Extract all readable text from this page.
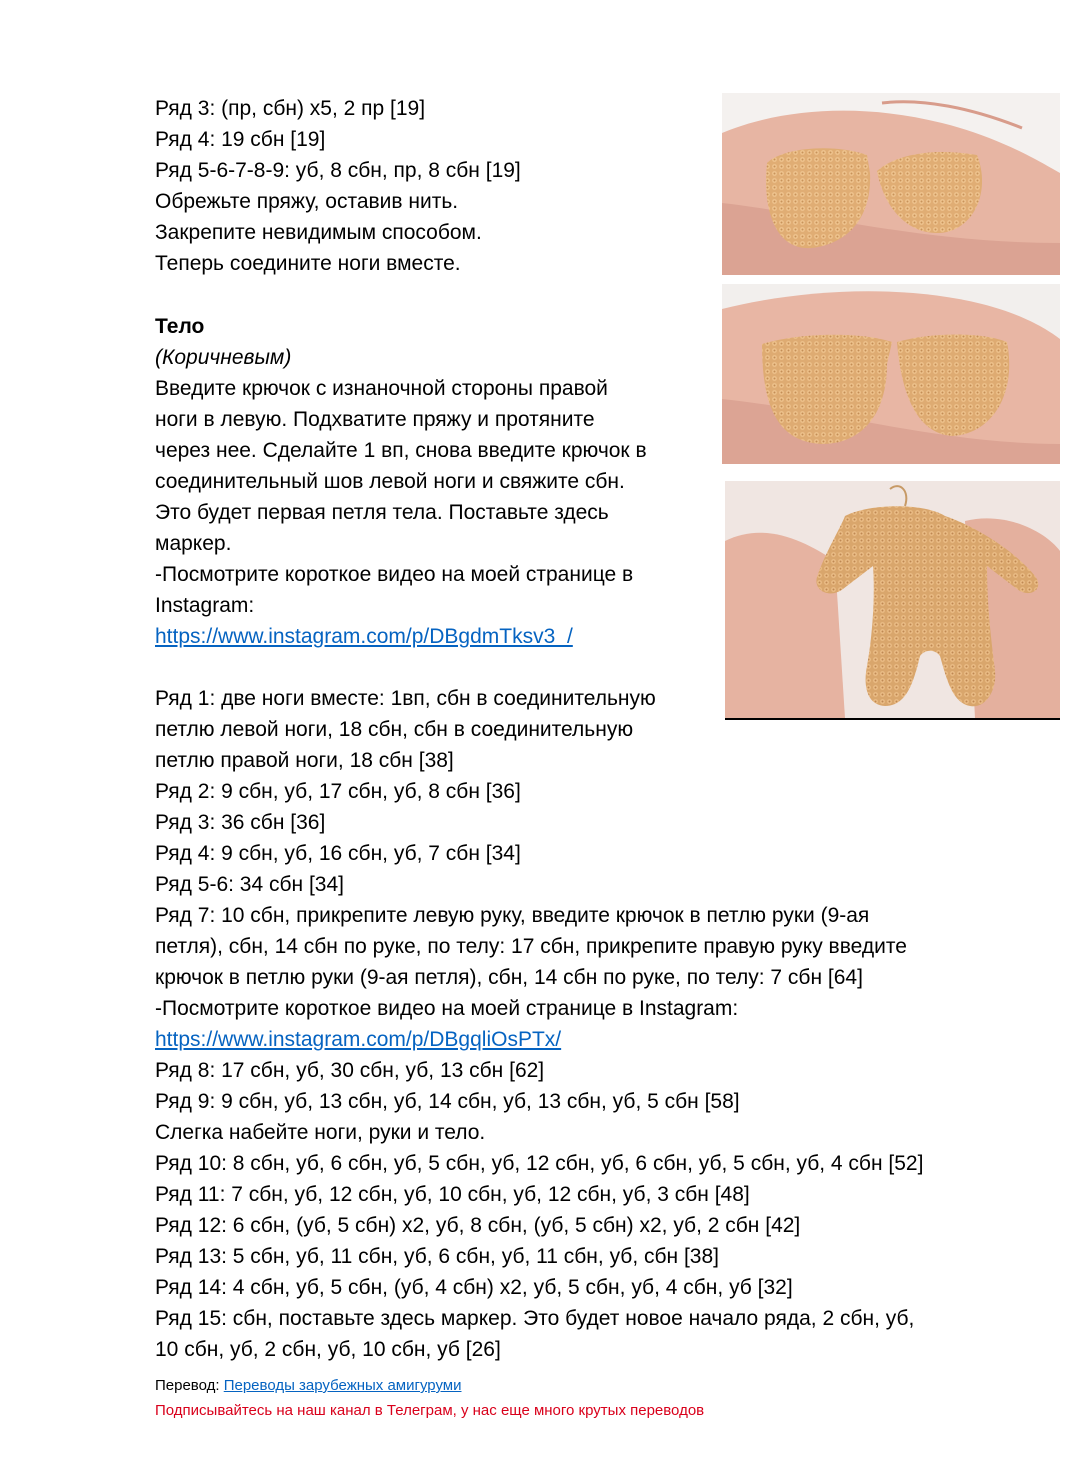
Ряд 3: (пр, сбн) х5, 2 пр [19]
Ряд 4: 19 сбн [19]
Ряд 5-6-7-8-9: уб, 8 сбн, пр, 8 сбн [19]
Обрежьте пряжу, оставив нить.
Закрепите невидимым способом.
Теперь соедините ноги вместе.
Тело
(Коричневым)
Введите крючок с изнаночной стороны правой
ноги в левую. Подхватите пряжу и протяните
через нее. Сделайте 1 вп, снова введите крючок в
соединительный шов левой ноги и свяжите сбн.
Это будет первая петля тела. Поставьте здесь
маркер.
-Посмотрите короткое видео на моей странице в
Instagram:
https://www.instagram.com/p/DBgdmTksv3_/
Ряд 1: две ноги вместе: 1вп, сбн в соединительную
петлю левой ноги, 18 сбн, сбн в соединительную
петлю правой ноги, 18 сбн [38]
Ряд 2: 9 сбн, уб, 17 сбн, уб, 8 сбн [36]
Ряд 3: 36 сбн [36]
Ряд 4: 9 сбн, уб, 16 сбн, уб, 7 сбн [34]
Ряд 5-6: 34 сбн [34]
Ряд 7: 10 сбн, прикрепите левую руку, введите крючок в петлю руки (9-ая
петля), сбн, 14 сбн по руке, по телу: 17 сбн, прикрепите правую руку введите
крючок в петлю руки (9-ая петля), сбн, 14 сбн по руке, по телу: 7 сбн [64]
-Посмотрите короткое видео на моей странице в Instagram:
https://www.instagram.com/p/DBgqliOsPTx/
Ряд 8: 17 сбн, уб, 30 сбн, уб, 13 сбн [62]
Ряд 9: 9 сбн, уб, 13 сбн, уб, 14 сбн, уб, 13 сбн, уб, 5 сбн [58]
Слегка набейте ноги, руки и тело.
Ряд 10: 8 сбн, уб, 6 сбн, уб, 5 сбн, уб, 12 сбн, уб, 6 сбн, уб, 5 сбн, уб, 4 сбн [52]
Ряд 11: 7 сбн, уб, 12 сбн, уб, 10 сбн, уб, 12 сбн, уб, 3 сбн [48]
Ряд 12: 6 сбн, (уб, 5 сбн) х2, уб, 8 сбн, (уб, 5 сбн) х2, уб, 2 сбн [42]
Ряд 13: 5 сбн, уб, 11 сбн, уб, 6 сбн, уб, 11 сбн, уб, сбн [38]
Ряд 14: 4 сбн, уб, 5 сбн, (уб, 4 сбн) х2, уб, 5 сбн, уб, 4 сбн, уб [32]
Ряд 15: сбн, поставьте здесь маркер. Это будет новое начало ряда, 2 сбн, уб,
10 сбн, уб, 2 сбн, уб, 10 сбн, уб [26]
Перевод: Переводы зарубежных амигуруми
Подписывайтесь на наш канал в Телеграм, у нас еще много крутых переводов
